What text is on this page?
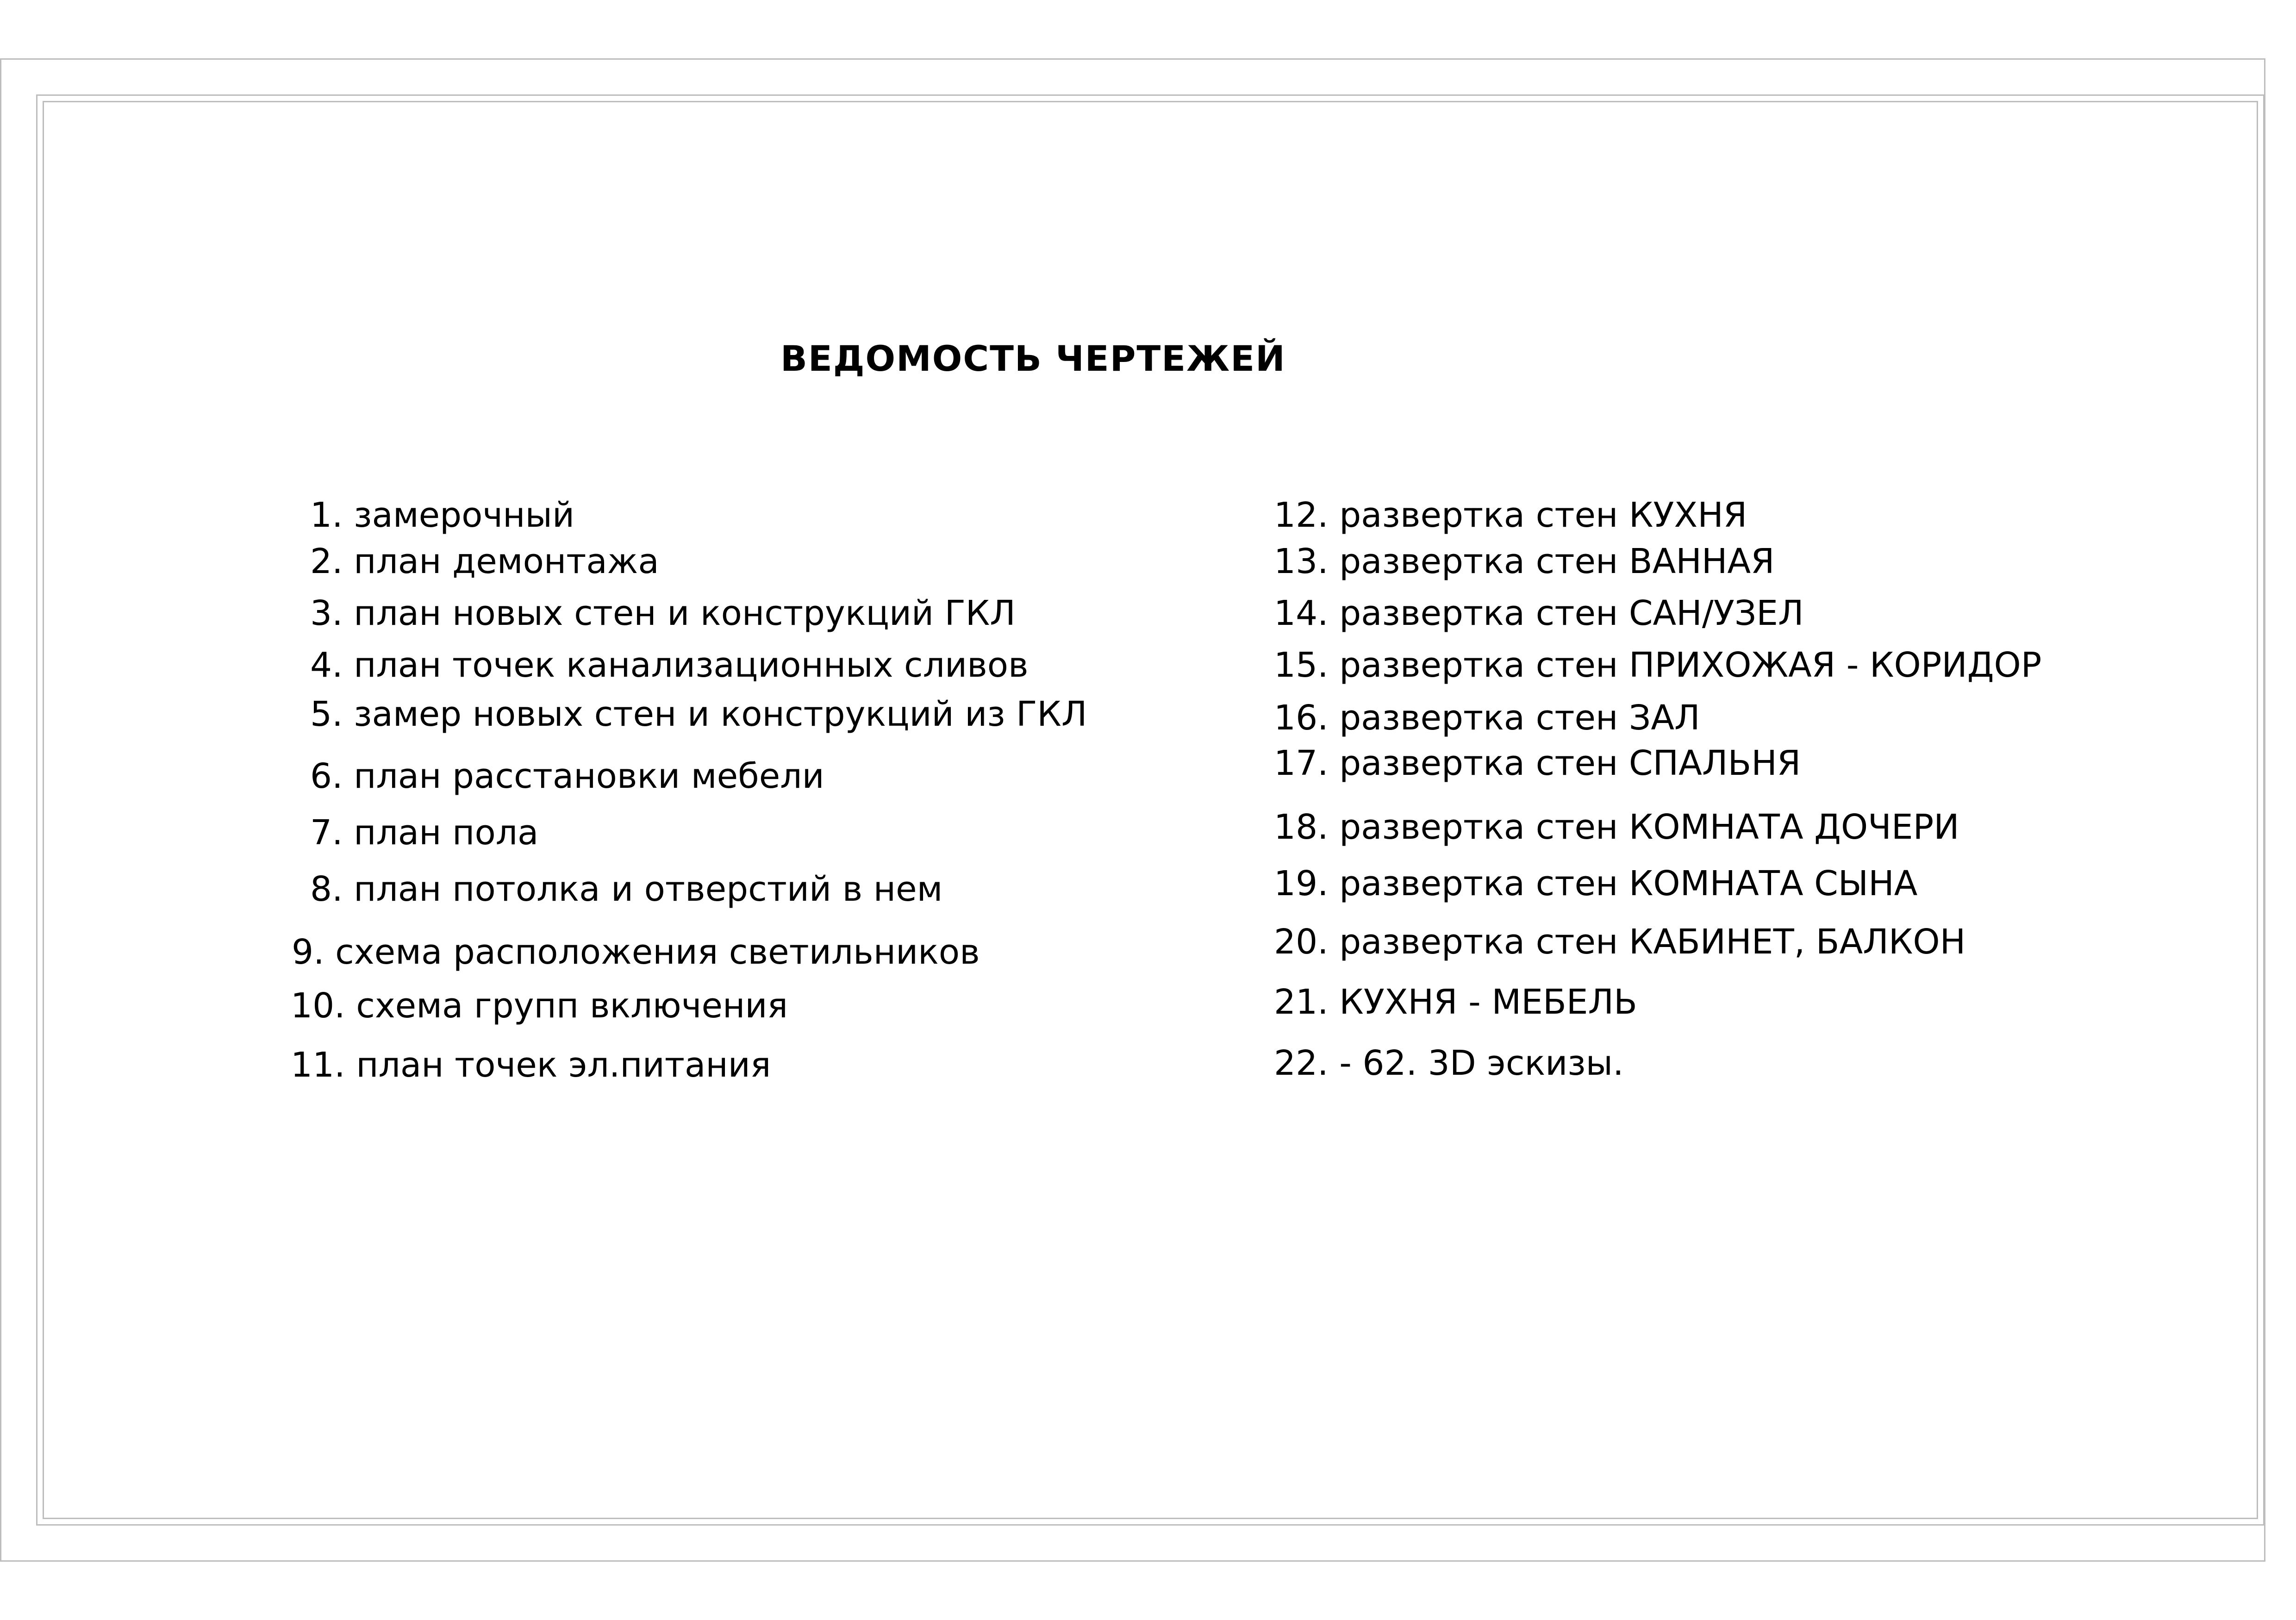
ВЕДОМОСТЬ ЧЕРТЕЖЕЙ
1. замерочный
2. план демонтажа
3. план новых стен и конструкций ГКЛ
4. план точек канализационных сливов
5. замер новых стен и конструкций из ГКЛ
6. план расстановки мебели
7. план пола
8. план потолка и отверстий в нем
9. схема расположения светильников
10. схема групп включения
11. план точек эл.питания
12. развертка стен КУХНЯ
13. развертка стен ВАННАЯ
14. развертка стен САН/УЗЕЛ
15. развертка стен ПРИХОЖАЯ - КОРИДОР
16. развертка стен ЗАЛ
17. развертка стен СПАЛЬНЯ
18. развертка стен КОМНАТА ДОЧЕРИ
19. развертка стен КОМНАТА СЫНА
20. развертка стен КАБИНЕТ, БАЛКОН
21. КУХНЯ - МЕБЕЛЬ
22. - 62. 3D эскизы.
